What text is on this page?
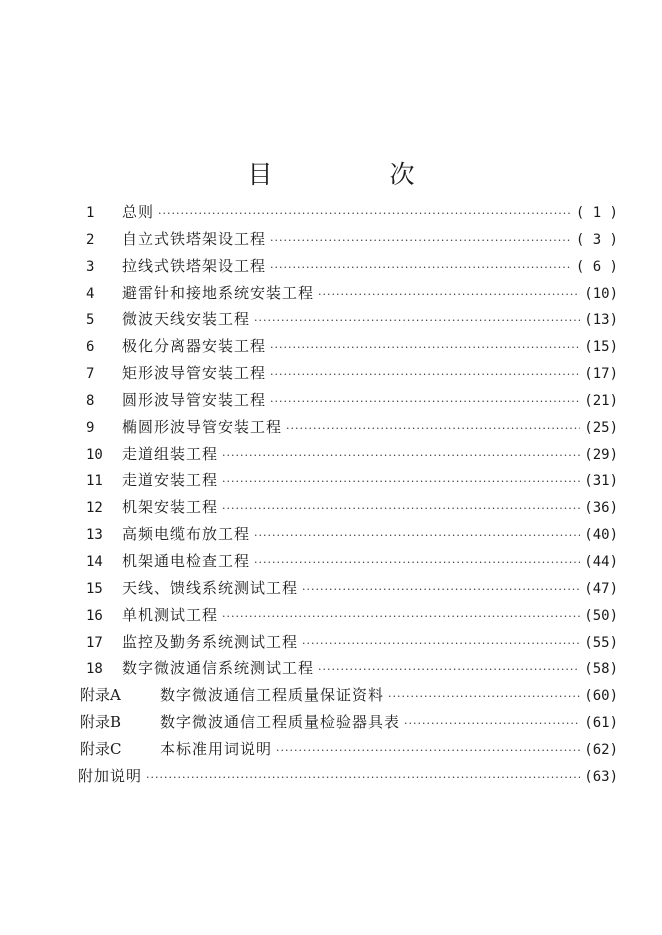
目　次
1	总则 ·····	( 1 )
2	自立式铁塔架设工程 ·····	( 3 )
3	拉线式铁塔架设工程 ·····	( 6 )
4	避雷针和接地系统安装工程 ·····	(10)
5	微波天线安装工程 ·····	(13)
6	极化分离器安装工程 ·····	(15)
7	矩形波导管安装工程 ·····	(17)
8	圆形波导管安装工程 ·····	(21)
9	椭圆形波导管安装工程 ·····	(25)
10	走道组装工程 ·····	(29)
11	走道安装工程 ·····	(31)
12	机架安装工程 ·····	(36)
13	高频电缆布放工程 ·····	(40)
14	机架通电检查工程 ·····	(44)
15	天线、馈线系统测试工程 ·····	(47)
16	单机测试工程 ·····	(50)
17	监控及勤务系统测试工程 ·····	(55)
18	数字微波通信系统测试工程 ·····	(58)
附录A	数字微波通信工程质量保证资料 ·····	(60)
附录B	数字微波通信工程质量检验器具表 ·····	(61)
附录C	本标准用词说明 ·····	(62)
附加说明 ·····	(63)
